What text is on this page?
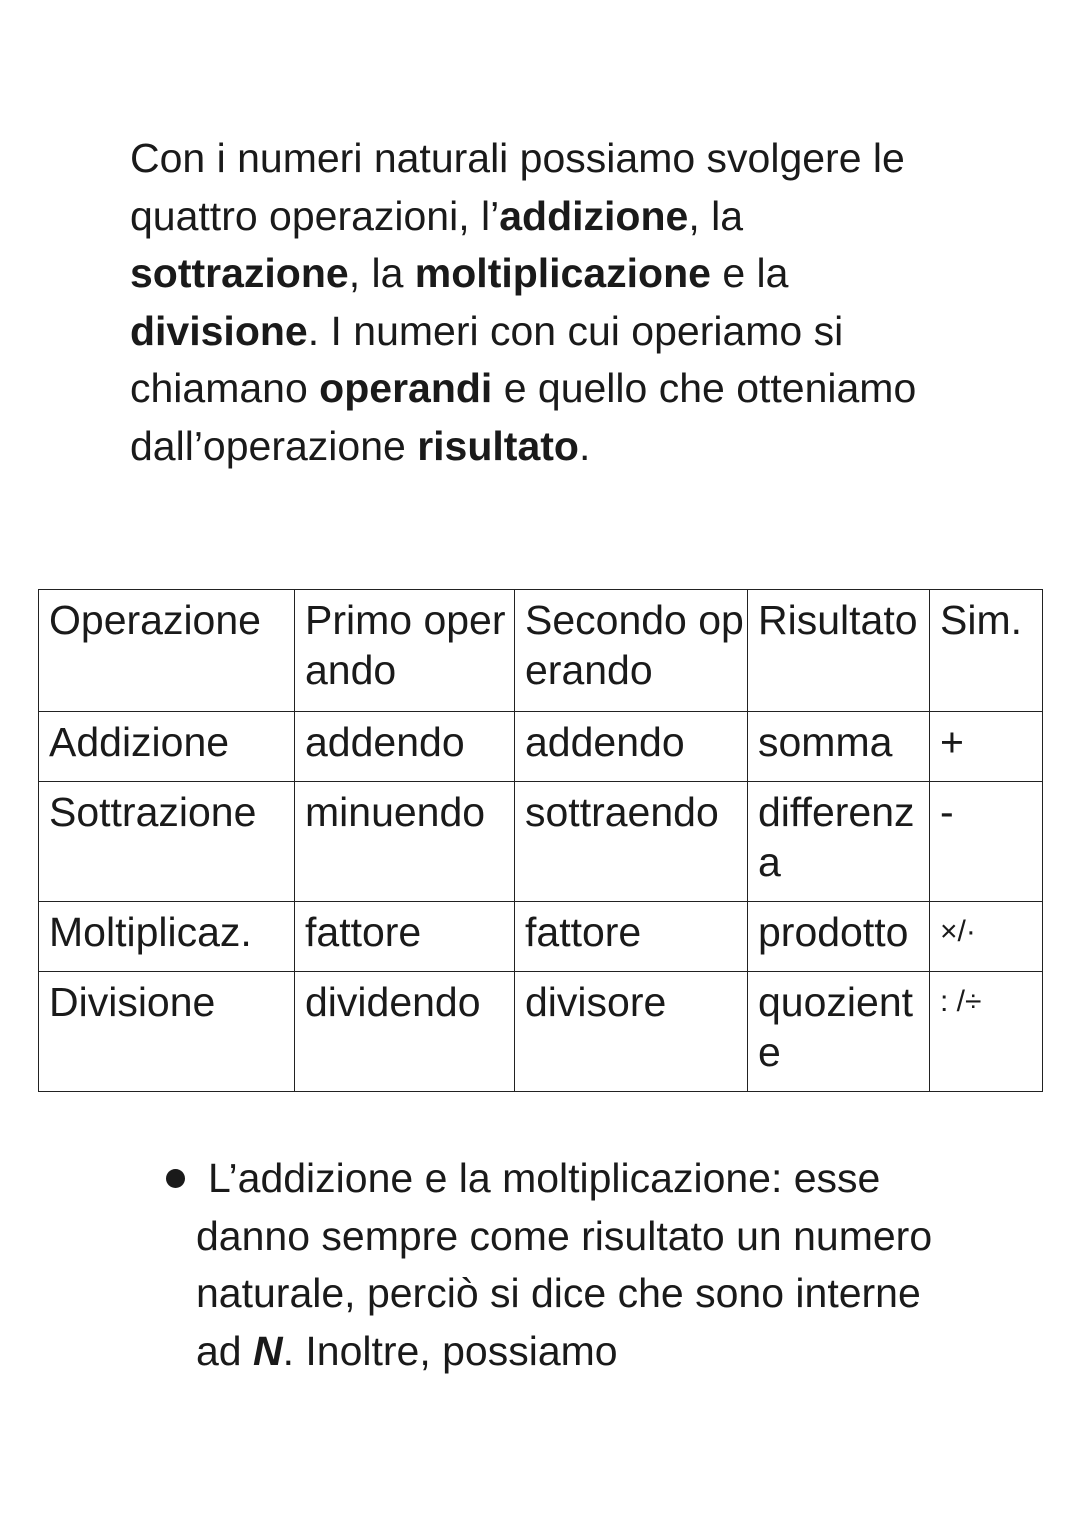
Con i numeri naturali possiamo svolgere le quattro operazioni, l’addizione, la sottrazione, la moltiplicazione e la divisione. I numeri con cui operiamo si chiamano operandi e quello che otteniamo dall’operazione risultato.

Operazione	Primo operando	Secondo operando	Risultato	Sim.
Addizione	addendo	addendo	somma	+
Sottrazione	minuendo	sottraendo	differenza	-
Moltiplicaz.	fattore	fattore	prodotto	×/·
Divisione	dividendo	divisore	quoziente	: /÷
L’addizione e la moltiplicazione: esse danno sempre come risultato un numero naturale, perciò si dice che sono interne ad N. Inoltre, possiamo
